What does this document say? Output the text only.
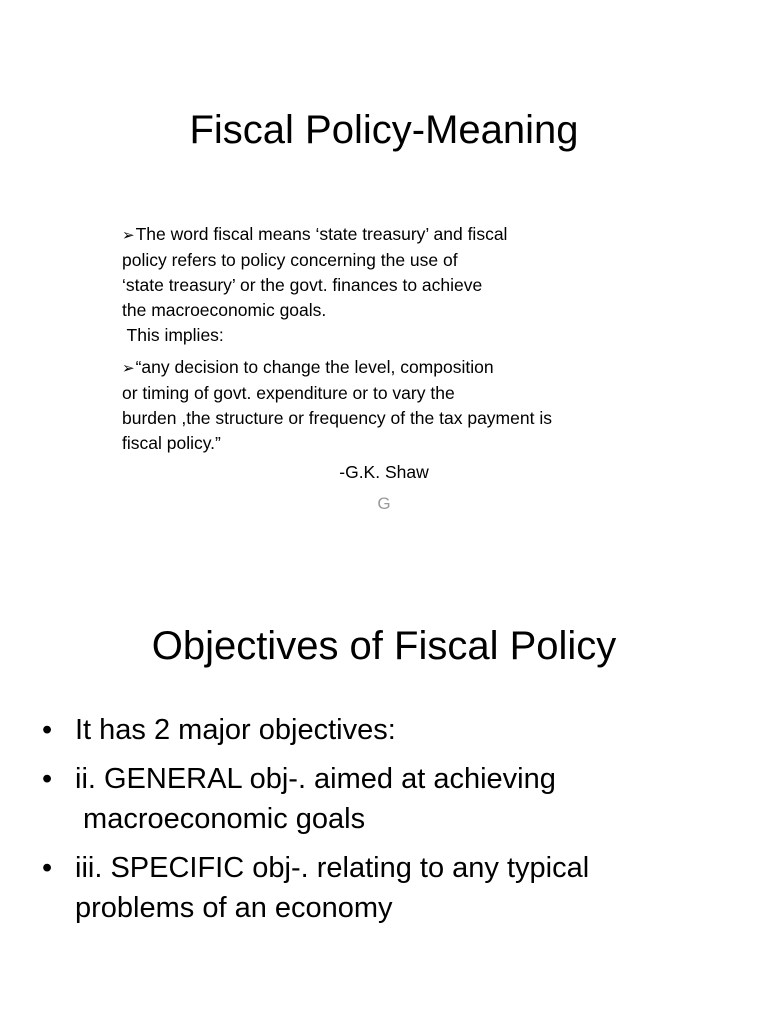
Fiscal Policy-Meaning
➢The word fiscal means ‘state treasury’ and fiscal
policy refers to policy concerning the use of
‘state treasury’ or the govt. finances to achieve
the macroeconomic goals.
This implies:
➢“any decision to change the level, composition
or timing of govt. expenditure or to vary the
burden ,the structure or frequency of the tax payment is
fiscal policy.”
-G.K. Shaw
G
Objectives of Fiscal Policy
• It has 2 major objectives:
• ii. GENERAL obj-. aimed at achieving
macroeconomic goals
• iii. SPECIFIC obj-. relating to any typical
problems of an economy
